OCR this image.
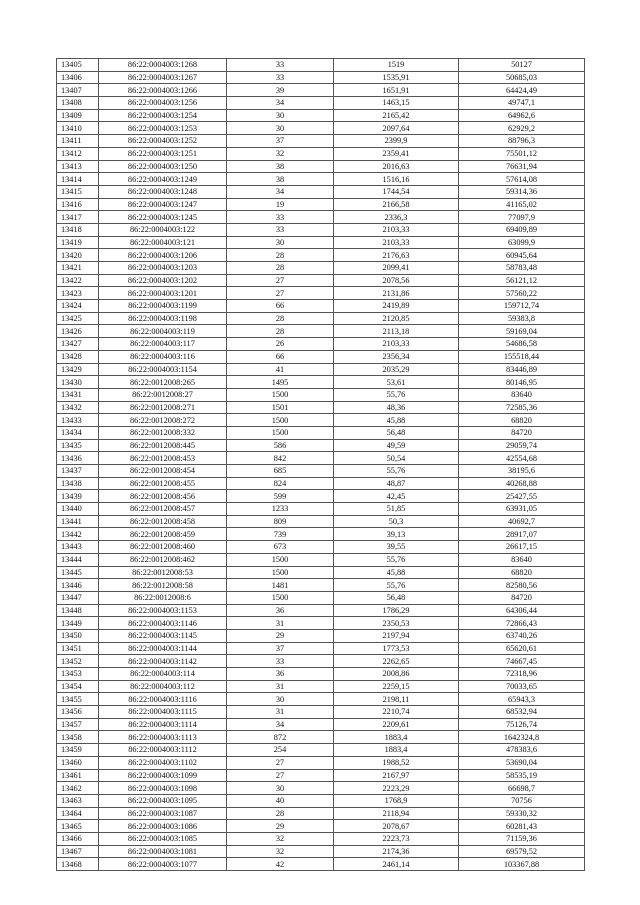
13405	86:22:0004003:1268	33	1519	50127
13406	86:22:0004003:1267	33	1535,91	50685,03
13407	86:22:0004003:1266	39	1651,91	64424,49
13408	86:22:0004003:1256	34	1463,15	49747,1
13409	86:22:0004003:1254	30	2165,42	64962,6
13410	86:22:0004003:1253	30	2097,64	62929,2
13411	86:22:0004003:1252	37	2399,9	88796,3
13412	86:22:0004003:1251	32	2359,41	75501,12
13413	86:22:0004003:1250	38	2016,63	76631,94
13414	86:22:0004003:1249	38	1516,16	57614,08
13415	86:22:0004003:1248	34	1744,54	59314,36
13416	86:22:0004003:1247	19	2166,58	41165,02
13417	86:22:0004003:1245	33	2336,3	77097,9
13418	86:22:0004003:122	33	2103,33	69409,89
13419	86:22:0004003:121	30	2103,33	63099,9
13420	86:22:0004003:1206	28	2176,63	60945,64
13421	86:22:0004003:1203	28	2099,41	58783,48
13422	86:22:0004003:1202	27	2078,56	56121,12
13423	86:22:0004003:1201	27	2131,86	57560,22
13424	86:22:0004003:1199	66	2419,89	159712,74
13425	86:22:0004003:1198	28	2120,85	59383,8
13426	86:22:0004003:119	28	2113,18	59169,04
13427	86:22:0004003:117	26	2103,33	54686,58
13428	86:22:0004003:116	66	2356,34	155518,44
13429	86:22:0004003:1154	41	2035,29	83446,89
13430	86:22:0012008:265	1495	53,61	80146,95
13431	86:22:0012008:27	1500	55,76	83640
13432	86:22:0012008:271	1501	48,36	72585,36
13433	86:22:0012008:272	1500	45,88	68820
13434	86:22:0012008:332	1500	56,48	84720
13435	86:22:0012008:445	586	49,59	29059,74
13436	86:22:0012008:453	842	50,54	42554,68
13437	86:22:0012008:454	685	55,76	38195,6
13438	86:22:0012008:455	824	48,87	40268,88
13439	86:22:0012008:456	599	42,45	25427,55
13440	86:22:0012008:457	1233	51,85	63931,05
13441	86:22:0012008:458	809	50,3	40692,7
13442	86:22:0012008:459	739	39,13	28917,07
13443	86:22:0012008:460	673	39,55	26617,15
13444	86:22:0012008:462	1500	55,76	83640
13445	86:22:0012008:53	1500	45,88	68820
13446	86:22:0012008:58	1481	55,76	82580,56
13447	86:22:0012008:6	1500	56,48	84720
13448	86:22:0004003:1153	36	1786,29	64306,44
13449	86:22:0004003:1146	31	2350,53	72866,43
13450	86:22:0004003:1145	29	2197,94	63740,26
13451	86:22:0004003:1144	37	1773,53	65620,61
13452	86:22:0004003:1142	33	2262,65	74667,45
13453	86:22:0004003:114	36	2008,86	72318,96
13454	86:22:0004003:112	31	2259,15	70033,65
13455	86:22:0004003:1116	30	2198,11	65943,3
13456	86:22:0004003:1115	31	2210,74	68532,94
13457	86:22:0004003:1114	34	2209,61	75126,74
13458	86:22:0004003:1113	872	1883,4	1642324,8
13459	86:22:0004003:1112	254	1883,4	478383,6
13460	86:22:0004003:1102	27	1988,52	53690,04
13461	86:22:0004003:1099	27	2167,97	58535,19
13462	86:22:0004003:1098	30	2223,29	66698,7
13463	86:22:0004003:1095	40	1768,9	70756
13464	86:22:0004003:1087	28	2118,94	59330,32
13465	86:22:0004003:1086	29	2078,67	60281,43
13466	86:22:0004003:1085	32	2223,73	71159,36
13467	86:22:0004003:1081	32	2174,36	69579,52
13468	86:22:0004003:1077	42	2461,14	103367,88
